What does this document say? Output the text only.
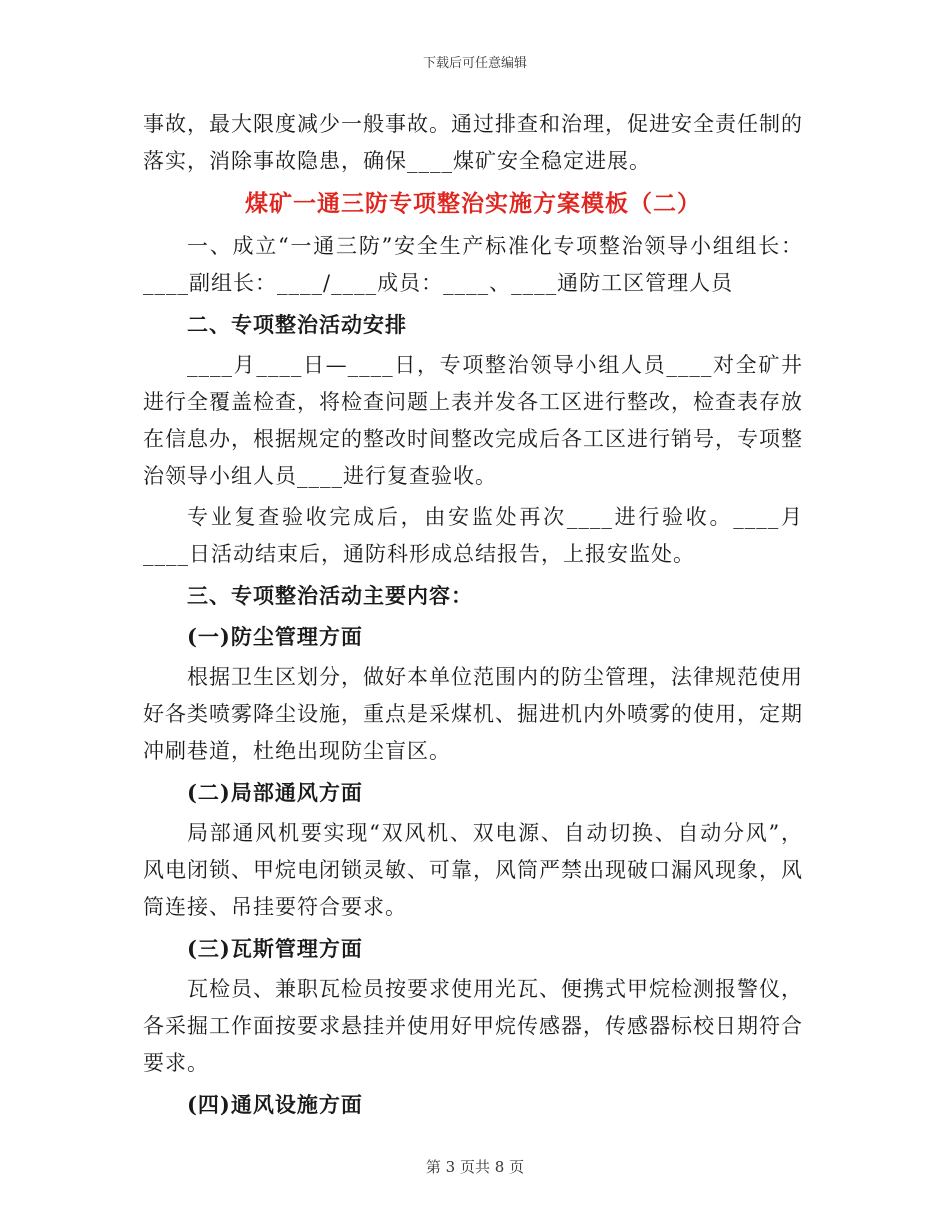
下载后可任意编辑

事故，最大限度减少一般事故。通过排查和治理，促进安全责任制的落实，消除事故隐患，确保____煤矿安全稳定进展。

煤矿一通三防专项整治实施方案模板（二）

一、成立“一通三防”安全生产标准化专项整治领导小组组长：____副组长：____/____成员：____、____通防工区管理人员

二、专项整治活动安排

____月____日—____日，专项整治领导小组人员____对全矿井进行全覆盖检查，将检查问题上表并发各工区进行整改，检查表存放在信息办，根据规定的整改时间整改完成后各工区进行销号，专项整治领导小组人员____进行复查验收。

专业复查验收完成后，由安监处再次____进行验收。____月____日活动结束后，通防科形成总结报告，上报安监处。

三、专项整治活动主要内容：

(一)防尘管理方面

根据卫生区划分，做好本单位范围内的防尘管理，法律规范使用好各类喷雾降尘设施，重点是采煤机、掘进机内外喷雾的使用，定期冲刷巷道，杜绝出现防尘盲区。

(二)局部通风方面

局部通风机要实现“双风机、双电源、自动切换、自动分风”，风电闭锁、甲烷电闭锁灵敏、可靠，风筒严禁出现破口漏风现象，风筒连接、吊挂要符合要求。

(三)瓦斯管理方面

瓦检员、兼职瓦检员按要求使用光瓦、便携式甲烷检测报警仪，各采掘工作面按要求悬挂并使用好甲烷传感器，传感器标校日期符合要求。

(四)通风设施方面

第 3 页共 8 页
